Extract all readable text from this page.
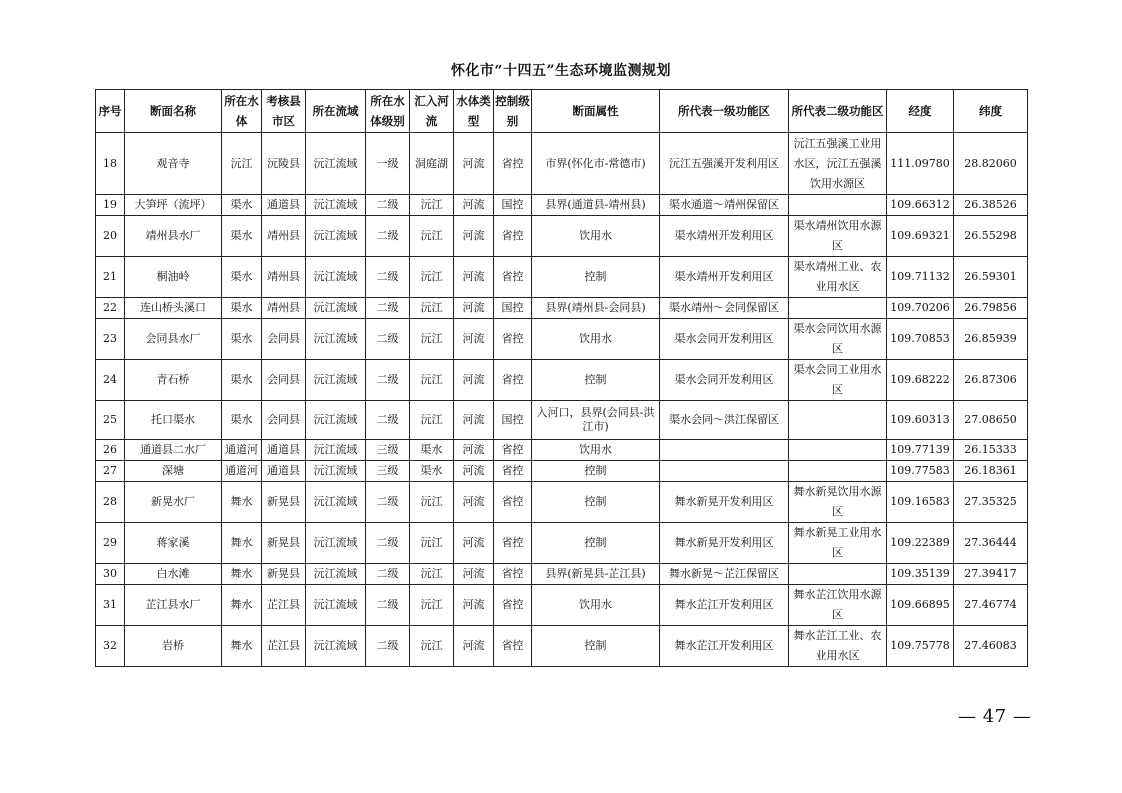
怀化市“十四五”生态环境监测规划
序号	断面名称	所在水体	考核县市区	所在流域	所在水体级别	汇入河流	水体类型	控制级别	断面属性	所代表一级功能区	所代表二级功能区	经度	纬度
18	观音寺	沅江	沅陵县	沅江流域	一级	洞庭湖	河流	省控	市界(怀化市-常德市)	沅江五强溪开发利用区	沅江五强溪工业用水区，沅江五强溪饮用水源区	111.09780	28.82060
19	大笋坪（流坪）	渠水	通道县	沅江流域	二级	沅江	河流	国控	县界(通道县-靖州县)	渠水通道～靖州保留区		109.66312	26.38526
20	靖州县水厂	渠水	靖州县	沅江流域	二级	沅江	河流	省控	饮用水	渠水靖州开发利用区	渠水靖州饮用水源区	109.69321	26.55298
21	桐油岭	渠水	靖州县	沅江流域	二级	沅江	河流	省控	控制	渠水靖州开发利用区	渠水靖州工业、农业用水区	109.71132	26.59301
22	连山桥头溪口	渠水	靖州县	沅江流域	二级	沅江	河流	国控	县界(靖州县-会同县)	渠水靖州～会同保留区		109.70206	26.79856
23	会同县水厂	渠水	会同县	沅江流域	二级	沅江	河流	省控	饮用水	渠水会同开发利用区	渠水会同饮用水源区	109.70853	26.85939
24	青石桥	渠水	会同县	沅江流域	二级	沅江	河流	省控	控制	渠水会同开发利用区	渠水会同工业用水区	109.68222	26.87306
25	托口渠水	渠水	会同县	沅江流域	二级	沅江	河流	国控	入河口，县界(会同县-洪江市)	渠水会同～洪江保留区		109.60313	27.08650
26	通道县二水厂	通道河	通道县	沅江流域	三级	渠水	河流	省控	饮用水			109.77139	26.15333
27	深塘	通道河	通道县	沅江流域	三级	渠水	河流	省控	控制			109.77583	26.18361
28	新晃水厂	舞水	新晃县	沅江流域	二级	沅江	河流	省控	控制	舞水新晃开发利用区	舞水新晃饮用水源区	109.16583	27.35325
29	蒋家溪	舞水	新晃县	沅江流域	二级	沅江	河流	省控	控制	舞水新晃开发利用区	舞水新晃工业用水区	109.22389	27.36444
30	白水滩	舞水	新晃县	沅江流域	二级	沅江	河流	省控	县界(新晃县-芷江县)	舞水新晃～芷江保留区		109.35139	27.39417
31	芷江县水厂	舞水	芷江县	沅江流域	二级	沅江	河流	省控	饮用水	舞水芷江开发利用区	舞水芷江饮用水源区	109.66895	27.46774
32	岩桥	舞水	芷江县	沅江流域	二级	沅江	河流	省控	控制	舞水芷江开发利用区	舞水芷江工业、农业用水区	109.75778	27.46083
— 47 —
